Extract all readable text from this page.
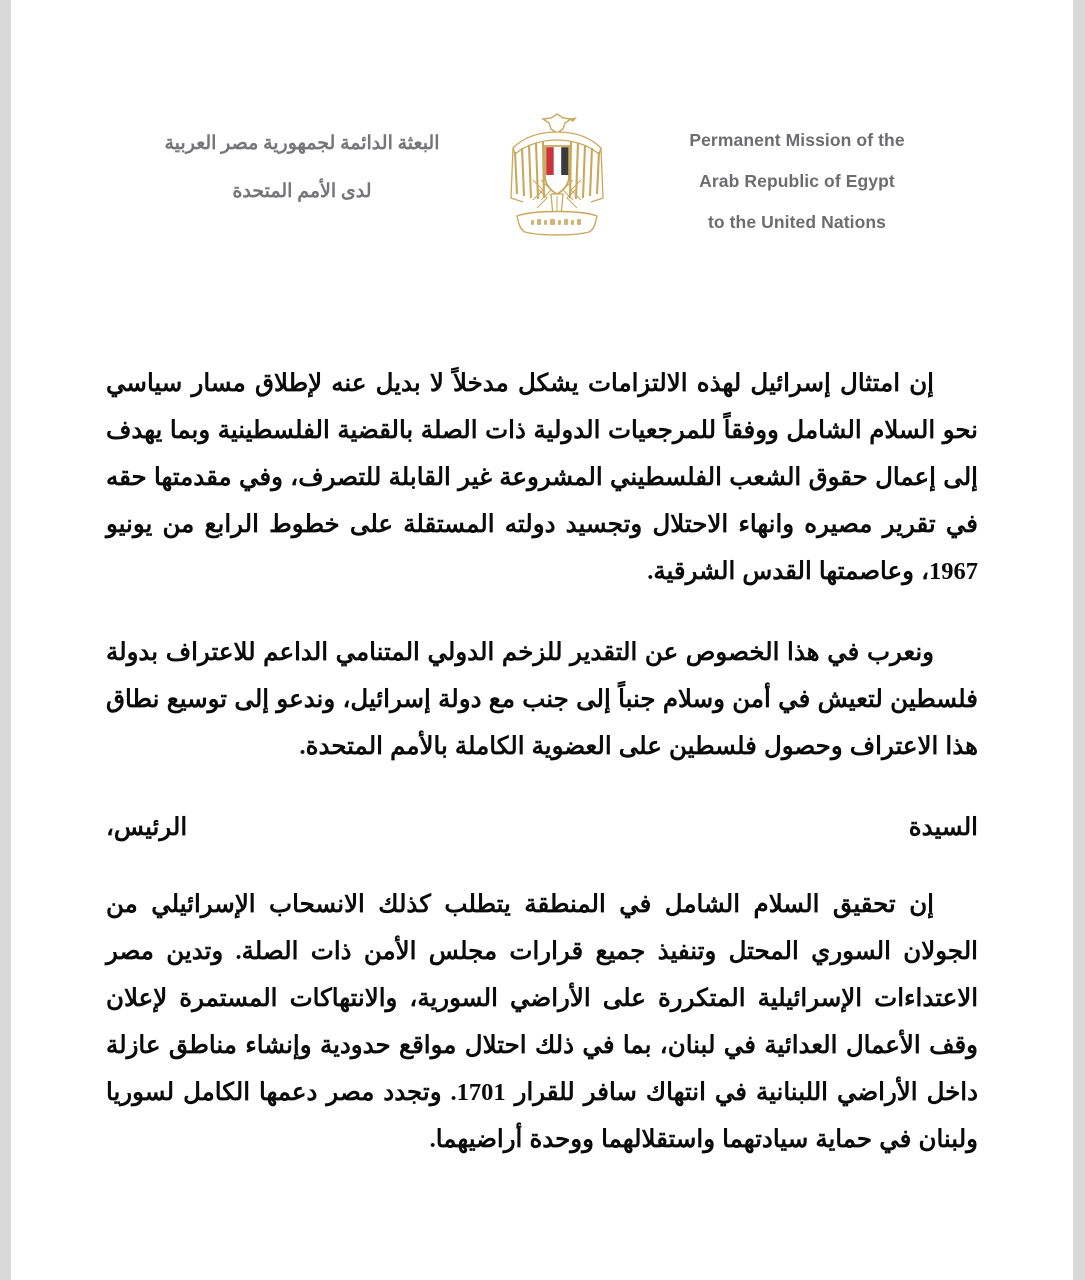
Permanent Mission of the
Arab Republic of Egypt
to the United Nations
البعثة الدائمة لجمهورية مصر العربية
لدى الأمم المتحدة

إن امتثال إسرائيل لهذه الالتزامات يشكل مدخلاً لا بديل عنه لإطلاق مسار سياسي نحو السلام الشامل ووفقاً للمرجعيات الدولية ذات الصلة بالقضية الفلسطينية وبما يهدف إلى إعمال حقوق الشعب الفلسطيني المشروعة غير القابلة للتصرف، وفي مقدمتها حقه في تقرير مصيره وانهاء الاحتلال وتجسيد دولته المستقلة على خطوط الرابع من يونيو 1967، وعاصمتها القدس الشرقية.

ونعرب في هذا الخصوص عن التقدير للزخم الدولي المتنامي الداعم للاعتراف بدولة فلسطين لتعيش في أمن وسلام جنباً إلى جنب مع دولة إسرائيل، وندعو إلى توسيع نطاق هذا الاعتراف وحصول فلسطين على العضوية الكاملة بالأمم المتحدة.

السيدة الرئيس،

إن تحقيق السلام الشامل في المنطقة يتطلب كذلك الانسحاب الإسرائيلي من الجولان السوري المحتل وتنفيذ جميع قرارات مجلس الأمن ذات الصلة. وتدين مصر الاعتداءات الإسرائيلية المتكررة على الأراضي السورية، والانتهاكات المستمرة لإعلان وقف الأعمال العدائية في لبنان، بما في ذلك احتلال مواقع حدودية وإنشاء مناطق عازلة داخل الأراضي اللبنانية في انتهاك سافر للقرار 1701. وتجدد مصر دعمها الكامل لسوريا ولبنان في حماية سيادتهما واستقلالهما ووحدة أراضيهما.
